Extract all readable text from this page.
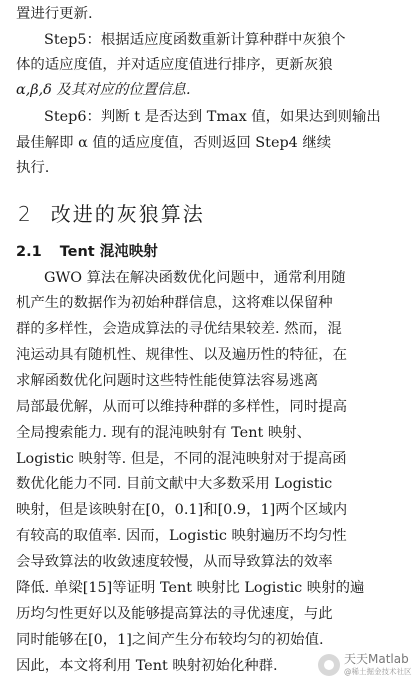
置进行更新.
Step5：根据适应度函数重新计算种群中灰狼个
体的适应度值，并对适应度值进行排序，更新灰狼
α,β,δ 及其对应的位置信息.
Step6：判断 t 是否达到 Tmax 值，如果达到则输出
最佳解即 α 值的适应度值，否则返回 Step4 继续
执行.
2 改进的灰狼算法
2.1 Tent 混沌映射
GWO 算法在解决函数优化问题中，通常利用随
机产生的数据作为初始种群信息，这将难以保留种
群的多样性，会造成算法的寻优结果较差. 然而，混
沌运动具有随机性、规律性、以及遍历性的特征，在
求解函数优化问题时这些特性能使算法容易逃离
局部最优解，从而可以维持种群的多样性，同时提高
全局搜索能力. 现有的混沌映射有 Tent 映射、
Logistic 映射等. 但是，不同的混沌映射对于提高函
数优化能力不同. 目前文献中大多数采用 Logistic
映射，但是该映射在[0，0.1]和[0.9，1]两个区域内
有较高的取值率. 因而，Logistic 映射遍历不均匀性
会导致算法的收敛速度较慢，从而导致算法的效率
降低. 单梁[15]等证明 Tent 映射比 Logistic 映射的遍
历均匀性更好以及能够提高算法的寻优速度，与此
同时能够在[0，1]之间产生分布较均匀的初始值.
因此，本文将利用 Tent 映射初始化种群.	天天Matlab
@稀土掘金技术社区
